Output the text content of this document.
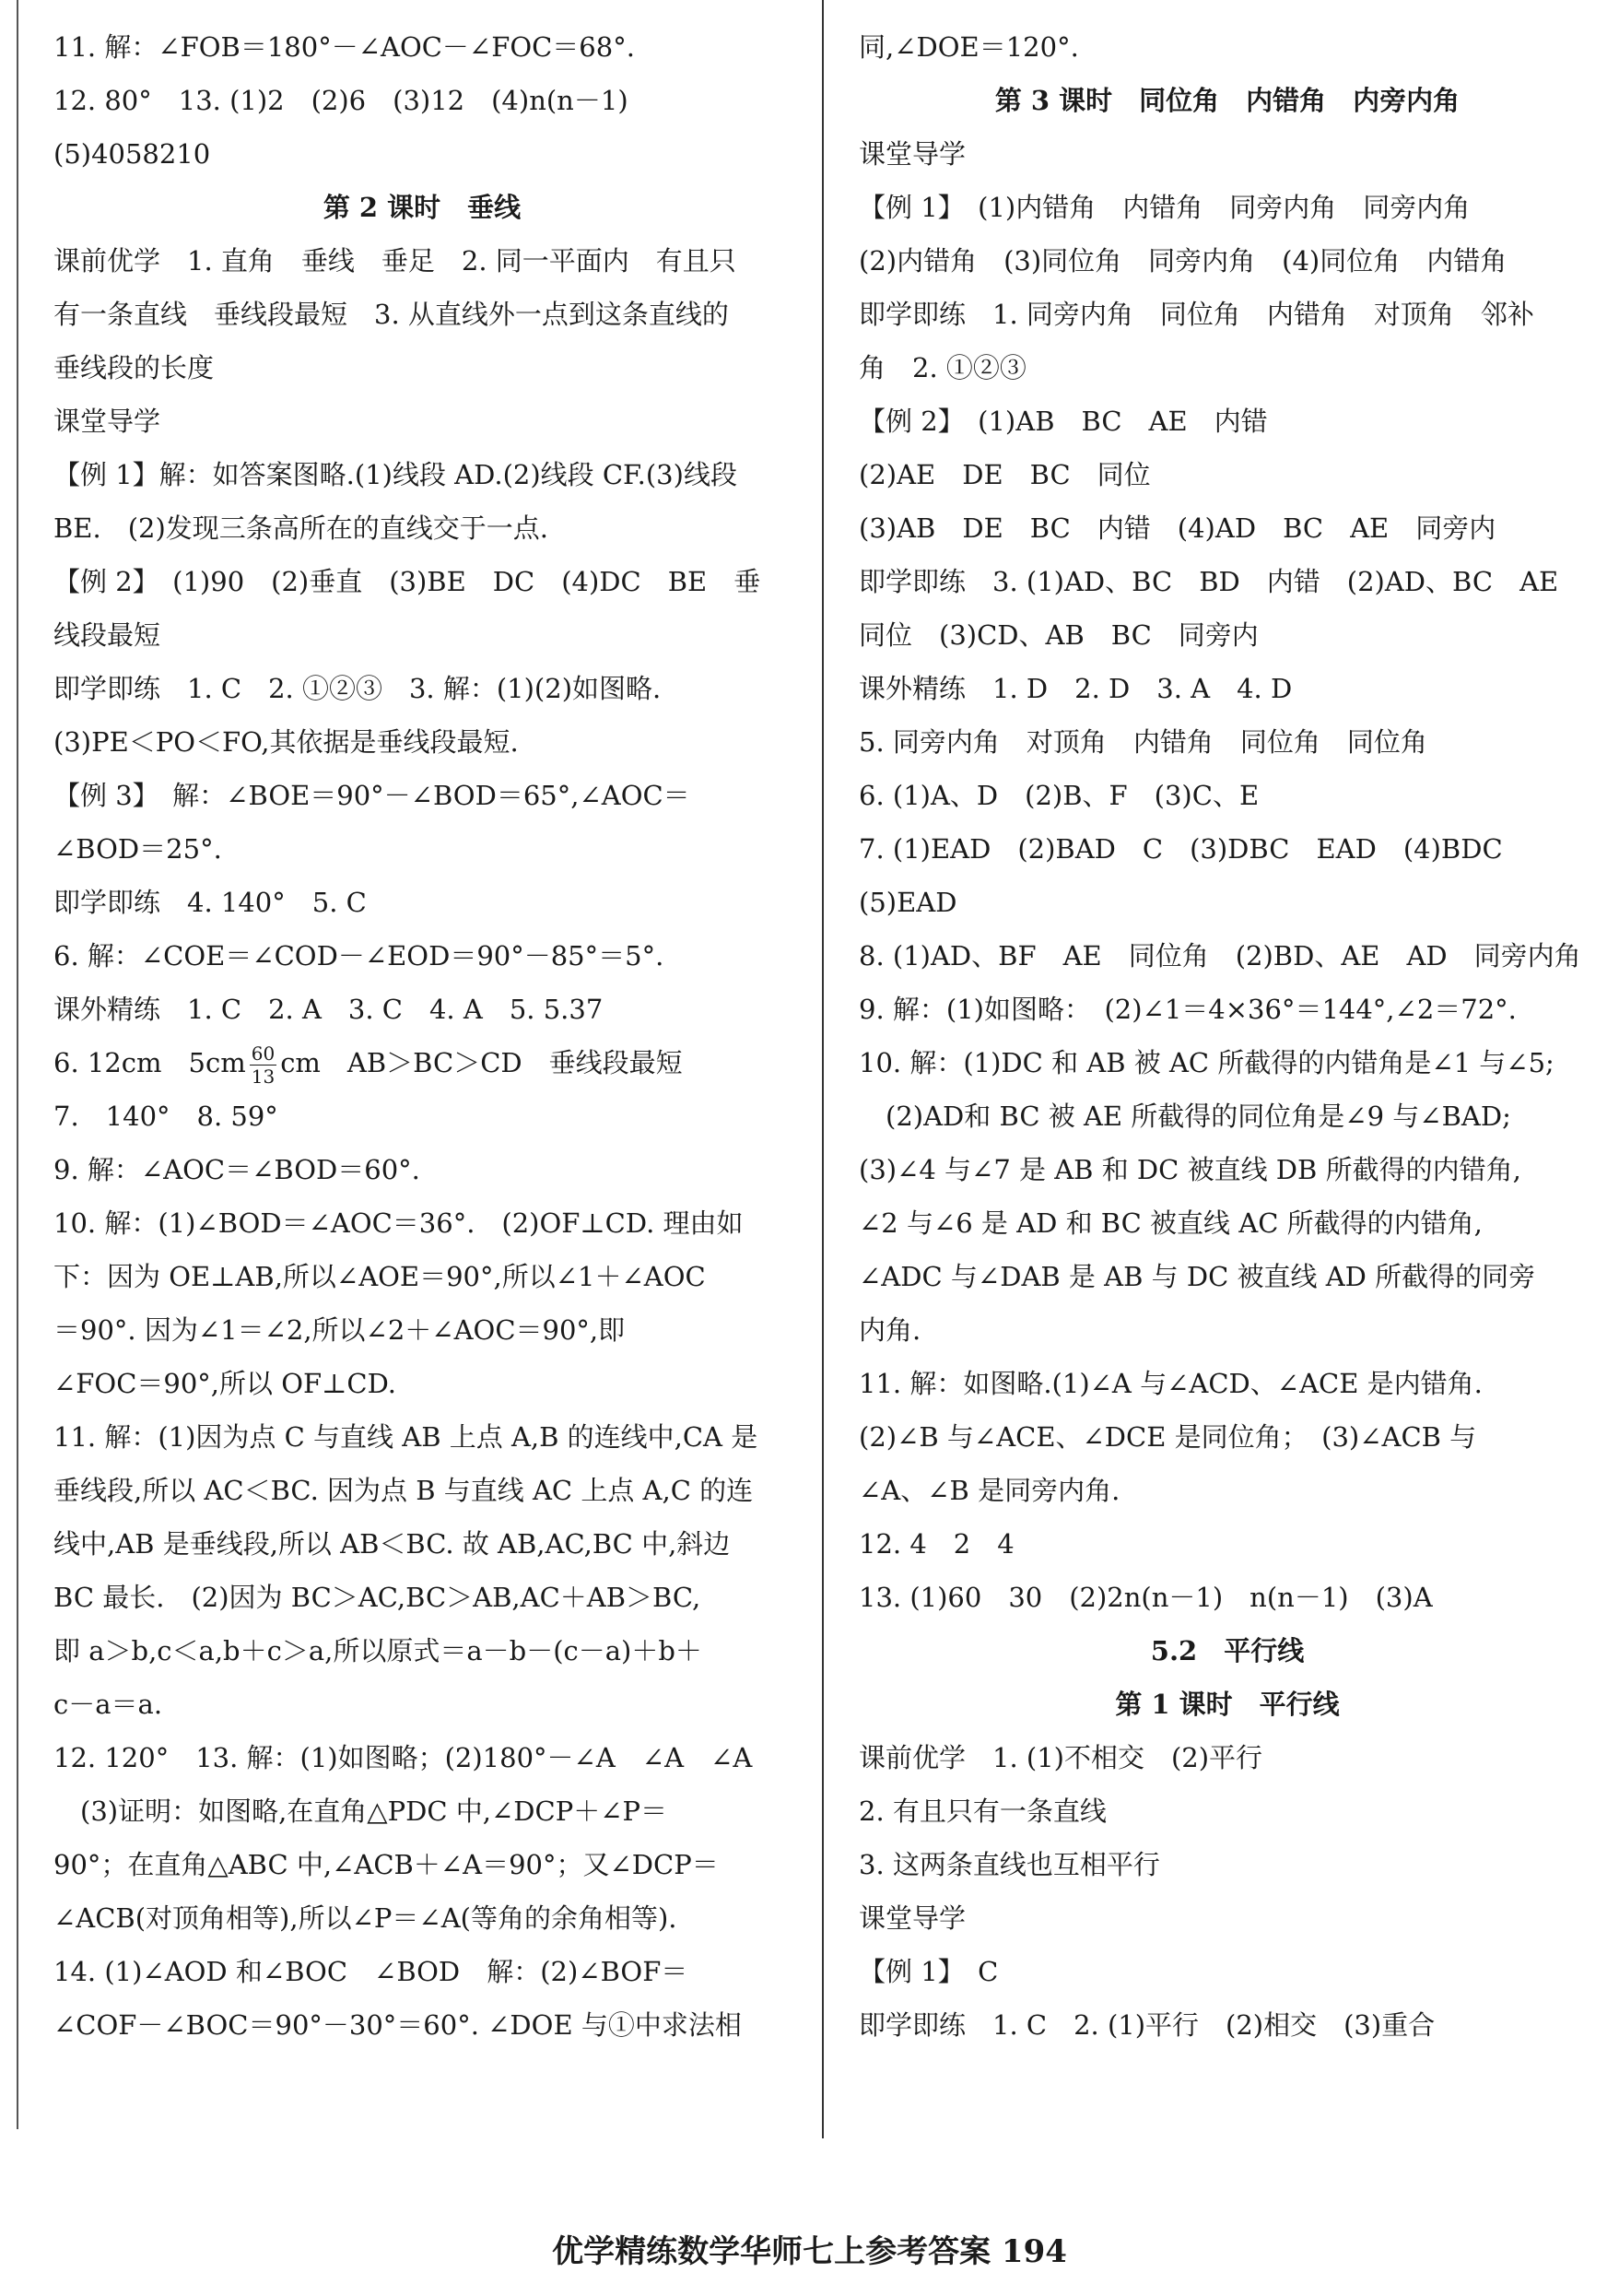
11. 解：∠FOB＝180°－∠AOC－∠FOC＝68°.
12. 80°　13. (1)2　(2)6　(3)12　(4)n(n－1)
(5)4058210
第 2 课时　垂线
课前优学　1. 直角　垂线　垂足　2. 同一平面内　有且只
有一条直线　垂线段最短　3. 从直线外一点到这条直线的
垂线段的长度
课堂导学
【例 1】解：如答案图略.(1)线段 AD.(2)线段 CF.(3)线段
BE.　(2)发现三条高所在的直线交于一点.
【例 2】　(1)90　(2)垂直　(3)BE　DC　(4)DC　BE　垂
线段最短
即学即练　1. C　2. ①②③　3. 解：(1)(2)如图略.
(3)PE＜PO＜FO,其依据是垂线段最短.
【例 3】　解：∠BOE＝90°－∠BOD＝65°,∠AOC＝
∠BOD＝25°.
即学即练　4. 140°　5. C
6. 解：∠COE＝∠COD－∠EOD＝90°－85°＝5°.
课外精练　1. C　2. A　3. C　4. A　5. 5.37
6. 12cm　$5cm \frac{60}{13}$ cm　AB＞BC＞CD　垂线段最短
7.　140°　8. 59°
9. 解：∠AOC＝∠BOD＝60°.
10. 解：(1)∠BOD＝∠AOC＝36°.　(2)OF⊥CD. 理由如
下：因为 OE⊥AB,所以∠AOE＝90°,所以∠1＋∠AOC
＝90°. 因为∠1＝∠2,所以∠2＋∠AOC＝90°,即
∠FOC＝90°,所以 OF⊥CD.
11. 解：(1)因为点 C 与直线 AB 上点 A,B 的连线中,CA 是
垂线段,所以 AC＜BC. 因为点 B 与直线 AC 上点 A,C 的连
线中,AB 是垂线段,所以 AB＜BC. 故 AB,AC,BC 中,斜边
BC 最长.　(2)因为 BC＞AC,BC＞AB,AC＋AB＞BC,
即 a＞b,c＜a,b＋c＞a,所以原式＝a－b－(c－a)＋b＋
c－a＝a.
12. 120°　13. 解：(1)如图略；(2)180°－∠A　∠A　∠A
　(3)证明：如图略,在直角△PDC 中,∠DCP＋∠P＝
90°；在直角△ABC 中,∠ACB＋∠A＝90°；又∠DCP＝
∠ACB(对顶角相等),所以∠P＝∠A(等角的余角相等).
14. (1)∠AOD 和∠BOC　∠BOD　解：(2)∠BOF＝
∠COF－∠BOC＝90°－30°＝60°. ∠DOE 与①中求法相
同,∠DOE＝120°.
第 3 课时　同位角　内错角　内旁内角
课堂导学
【例 1】　(1)内错角　内错角　同旁内角　同旁内角
(2)内错角　(3)同位角　同旁内角　(4)同位角　内错角
即学即练　1. 同旁内角　同位角　内错角　对顶角　邻补
角　2. ①②③
【例 2】　(1)AB　BC　AE　内错
(2)AE　DE　BC　同位
(3)AB　DE　BC　内错　(4)AD　BC　AE　同旁内
即学即练　3. (1)AD、BC　BD　内错　(2)AD、BC　AE
同位　(3)CD、AB　BC　同旁内
课外精练　1. D　2. D　3. A　4. D
5. 同旁内角　对顶角　内错角　同位角　同位角
6. (1)A、D　(2)B、F　(3)C、E
7. (1)EAD　(2)BAD　C　(3)DBC　EAD　(4)BDC
(5)EAD
8. (1)AD、BF　AE　同位角　(2)BD、AE　AD　同旁内角
9. 解：(1)如图略：　(2)∠1＝4×36°＝144°,∠2＝72°.
10. 解：(1)DC 和 AB 被 AC 所截得的内错角是∠1 与∠5;
　(2)AD和 BC 被 AE 所截得的同位角是∠9 与∠BAD;
(3)∠4 与∠7 是 AB 和 DC 被直线 DB 所截得的内错角,
∠2 与∠6 是 AD 和 BC 被直线 AC 所截得的内错角,
∠ADC 与∠DAB 是 AB 与 DC 被直线 AD 所截得的同旁
内角.
11. 解：如图略.(1)∠A 与∠ACD、∠ACE 是内错角.
(2)∠B 与∠ACE、∠DCE 是同位角；　(3)∠ACB 与
∠A、∠B 是同旁内角.
12. 4　2　4
13. (1)60　30　(2)2n(n－1)　n(n－1)　(3)A
5.2　平行线
第 1 课时　平行线
课前优学　1. (1)不相交　(2)平行
2. 有且只有一条直线
3. 这两条直线也互相平行
课堂导学
【例 1】　C
即学即练　1. C　2. (1)平行　(2)相交　(3)重合
优学精练数学华师七上参考答案 194
